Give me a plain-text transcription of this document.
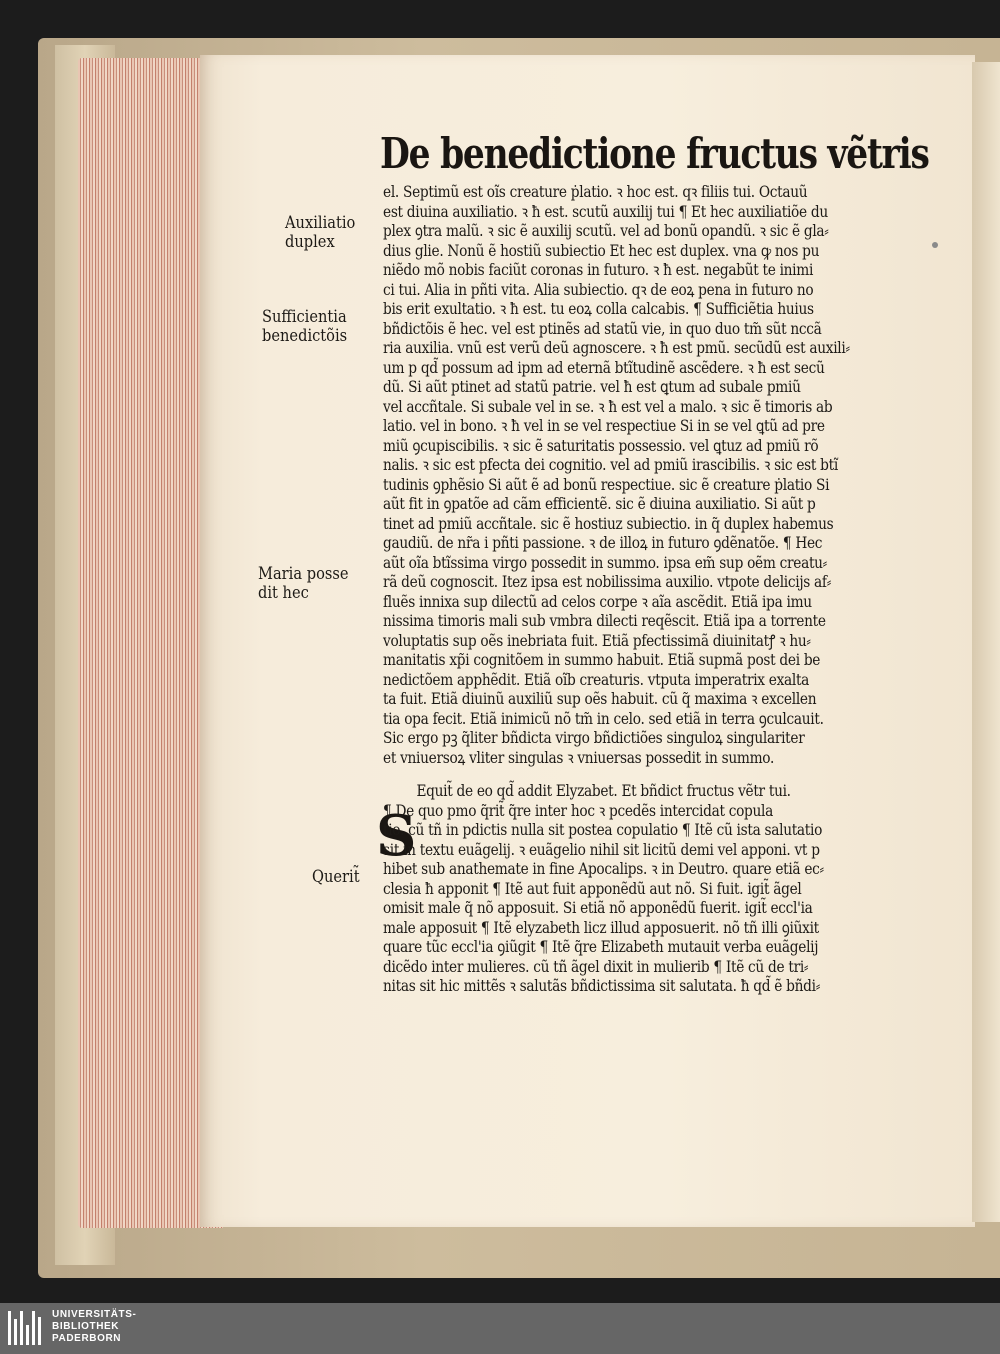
De benedictione fructus vẽtris
S
el. Septimũ est oĩs creature ṗlatio. ꝛ hoc est. qꝛ filiis tui. Octauũ
est diuina auxiliatio. ꝛ ħ est. scutũ auxilij tui ¶ Et hec auxiliatiõe du
plex ꝯtra malũ. ꝛ sic ẽ auxilij scutũ. vel ad bonũ opandũ. ꝛ sic ẽ gla⸗
dius glie. Nonũ ẽ hostiũ subiectio Et hec est duplex. vna ꝙ nos pu
niẽdo mõ nobis faciũt coronas in futuro. ꝛ ħ est. negabũt te inimi
ci tui. Alia in pñti vita. Alia subiectio. qꝛ de eoꝝ pena in futuro no
bis erit exultatio. ꝛ ħ est. tu eoꝝ colla calcabis. ¶ Sufficiẽtia huius
bñdictõis ẽ hec. vel est ptinẽs ad statũ vie, in quo duo tm̃ sũt nccã
ria auxilia. vnũ est verũ deũ agnoscere. ꝛ ħ est pmũ. secũdũ est auxili⸗
um p qd̃ possum ad ipm ad eternã btĩtudinẽ ascẽdere. ꝛ ħ est secũ
dũ. Si aũt ptinet ad statũ patrie. vel ħ est ꝗtum ad subale pmiũ
vel accñtale. Si subale vel in se. ꝛ ħ est vel a malo. ꝛ sic ẽ timoris ab
latio. vel in bono. ꝛ ħ vel in se vel respectiue Si in se vel ꝗtũ ad pre
miũ ꝯcupiscibilis. ꝛ sic ẽ saturitatis possessio. vel ꝗtuz ad pmiũ rõ
nalis. ꝛ sic est pfecta dei cognitio. vel ad pmiũ irascibilis. ꝛ sic est btĩ
tudinis ꝯphẽsio Si aũt ẽ ad bonũ respectiue. sic ẽ creature ṗlatio Si
aũt fit in ꝯpatõe ad cãm efficientẽ. sic ẽ diuina auxiliatio. Si aũt p
tinet ad pmiũ accñtale. sic ẽ hostiuz subiectio. in q̃ duplex habemus
gaudiũ. de nr̃a i pñti passione. ꝛ de illoꝝ in futuro ꝯdẽnatõe. ¶ Hec
aũt oĩa btĩssima virgo possedit in summo. ipsa em̃ sup oẽm creatu⸗
rã deũ cognoscit. Itez ipsa est nobilissima auxilio. vtpote delicijs af⸗
fluẽs innixa sup dilectũ ad celos corpe ꝛ aĩa ascẽdit. Etiã ipa imu
nissima timoris mali sub vmbra dilecti reqẽscit. Etiã ipa a torrente
voluptatis sup oẽs inebriata fuit. Etiã pfectissimã diuinitatꝭ ꝛ hu⸗
manitatis xp̃i cognitõem in summo habuit. Etiã supmã post dei be
nedictõem apphẽdit. Etiã oĩb creaturis. vtputa imperatrix exalta
ta fuit. Etiã diuinũ auxiliũ sup oẽs habuit. cũ q̃ maxima ꝛ excellen
tia opa fecit. Etiã inimicũ nõ tm̃ in celo. sed etiã in terra ꝯculcauit.
Sic ergo pꝫ q̃liter bñdicta virgo bñdictiões singuloꝝ singulariter
et vniuersoꝝ vliter singulas ꝛ vniuersas possedit in summo.
Equit̃ de eo qd̃ addit Elyzabet. Et bñdict fructus vẽtr tui.
¶ De quo pmo q̃rit̃ q̃re inter hoc ꝛ pcedẽs intercidat copula
tio. cũ tñ in pdictis nulla sit postea copulatio ¶ Itẽ cũ ista salutatio
sit in textu euãgelij. ꝛ euãgelio nihil sit licitũ demi vel apponi. vt p
hibet sub anathemate in fine Apocalips. ꝛ in Deutro. quare etiã ec⸗
clesia ħ apponit ¶ Itẽ aut fuit apponẽdũ aut nõ. Si fuit. igit̃ ãgel
omisit male q̃ nõ apposuit. Si etiã nõ apponẽdũ fuerit. igit̃ eccl'ia
male apposuit ¶ Itẽ elyzabeth licz illud apposuerit. nõ tñ illi ꝯiũxit
quare tũc eccl'ia ꝯiũgit ¶ Itẽ q̃re Elizabeth mutauit verba euãgelij
dicẽdo inter mulieres. cũ tñ ãgel dixit in mulierib ¶ Itẽ cũ de tri⸗
nitas sit hic mittẽs ꝛ salutãs bñdictissima sit salutata. ħ qd̃ ẽ bñdi⸗
Auxiliatio
duplex
Sufficientia
benedictõis
Maria posse
dit hec
Querit̃
UNIVERSITÄTS-
BIBLIOTHEK
PADERBORN
